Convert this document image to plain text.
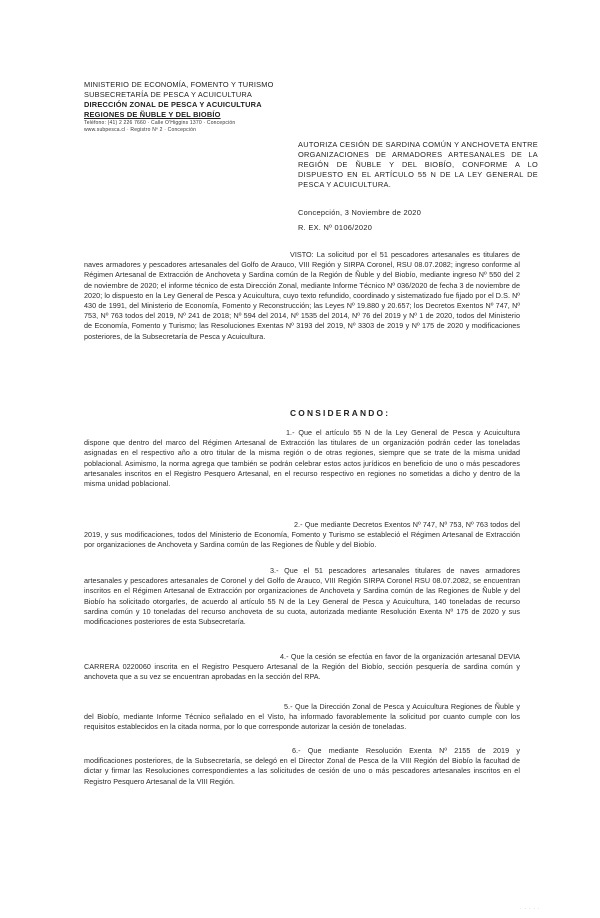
MINISTERIO DE ECONOMÍA, FOMENTO Y TURISMO
SUBSECRETARÍA DE PESCA Y ACUICULTURA
DIRECCIÓN ZONAL DE PESCA Y ACUICULTURA
REGIONES DE ÑUBLE Y DEL BIOBÍO
Teléfono: (41) 2 226 7660 · Calle O'Higgins 1370 · Concepción
www.subpesca.cl · Registro Nº 2 · Concepción
AUTORIZA CESIÓN DE SARDINA COMÚN Y ANCHOVETA ENTRE ORGANIZACIONES DE ARMADORES ARTESANALES DE LA REGIÓN DE ÑUBLE Y DEL BIOBÍO, CONFORME A LO DISPUESTO EN EL ARTÍCULO 55 N DE LA LEY GENERAL DE PESCA Y ACUICULTURA.
Concepción, 3 Noviembre de 2020
R. EX. Nº 0106/2020
VISTO: La solicitud por el 51 pescadores artesanales es titulares de naves armadores y pescadores artesanales del Golfo de Arauco, VIII Región y SIRPA Coronel, RSU 08.07.2082; ingreso conforme al Régimen Artesanal de Extracción de Anchoveta y Sardina común de la Región de Ñuble y del Biobío, mediante ingreso Nº 550 del 2 de noviembre de 2020; el informe técnico de esta Dirección Zonal, mediante Informe Técnico Nº 036/2020 de fecha 3 de noviembre de 2020; lo dispuesto en la Ley General de Pesca y Acuicultura, cuyo texto refundido, coordinado y sistematizado fue fijado por el D.S. Nº 430 de 1991, del Ministerio de Economía, Fomento y Reconstrucción; las Leyes Nº 19.880 y 20.657; los Decretos Exentos Nº 747, Nº 753, Nº 763 todos del 2019, Nº 241 de 2018; Nº 594 del 2014, Nº 1535 del 2014, Nº 76 del 2019 y Nº 1 de 2020, todos del Ministerio de Economía, Fomento y Turismo; las Resoluciones Exentas Nº 3193 del 2019, Nº 3303 de 2019 y Nº 175 de 2020 y modificaciones posteriores, de la Subsecretaría de Pesca y Acuicultura.
CONSIDERANDO:
1.- Que el artículo 55 N de la Ley General de Pesca y Acuicultura dispone que dentro del marco del Régimen Artesanal de Extracción las titulares de un organización podrán ceder las toneladas asignadas en el respectivo año a otro titular de la misma región o de otras regiones, siempre que se trate de la misma unidad poblacional. Asimismo, la norma agrega que también se podrán celebrar estos actos jurídicos en beneficio de uno o más pescadores artesanales inscritos en el Registro Pesquero Artesanal, en el recurso respectivo en regiones no sometidas a dicho y dentro de la misma unidad poblacional.
2.- Que mediante Decretos Exentos Nº 747, Nº 753, Nº 763 todos del 2019, y sus modificaciones, todos del Ministerio de Economía, Fomento y Turismo se estableció el Régimen Artesanal de Extracción por organizaciones de Anchoveta y Sardina común de las Regiones de Ñuble y del Biobío.
3.- Que el 51 pescadores artesanales titulares de naves armadores artesanales y pescadores artesanales de Coronel y del Golfo de Arauco, VIII Región SIRPA Coronel RSU 08.07.2082, se encuentran inscritos en el Régimen Artesanal de Extracción por organizaciones de Anchoveta y Sardina común de las Regiones de Ñuble y del Biobío ha solicitado otorgarles, de acuerdo al artículo 55 N de la Ley General de Pesca y Acuicultura, 140 toneladas de recurso sardina común y 10 toneladas del recurso anchoveta de su cuota, autorizada mediante Resolución Exenta Nº 175 de 2020 y sus modificaciones posteriores de esta Subsecretaría.
4.- Que la cesión se efectúa en favor de la organización artesanal DEVIA CARRERA 0220060 inscrita en el Registro Pesquero Artesanal de la Región del Biobío, sección pesquería de sardina común y anchoveta que a su vez se encuentran aprobadas en la sección del RPA.
5.- Que la Dirección Zonal de Pesca y Acuicultura Regiones de Ñuble y del Biobío, mediante Informe Técnico señalado en el Visto, ha informado favorablemente la solicitud por cuanto cumple con los requisitos establecidos en la citada norma, por lo que corresponde autorizar la cesión de toneladas.
6.- Que mediante Resolución Exenta Nº 2155 de 2019 y modificaciones posteriores, de la Subsecretaría, se delegó en el Director Zonal de Pesca de la VIII Región del Biobío la facultad de dictar y firmar las Resoluciones correspondientes a las solicitudes de cesión de uno o más pescadores artesanales inscritos en el Registro Pesquero Artesanal de la VIII Región.
· · · · ·
